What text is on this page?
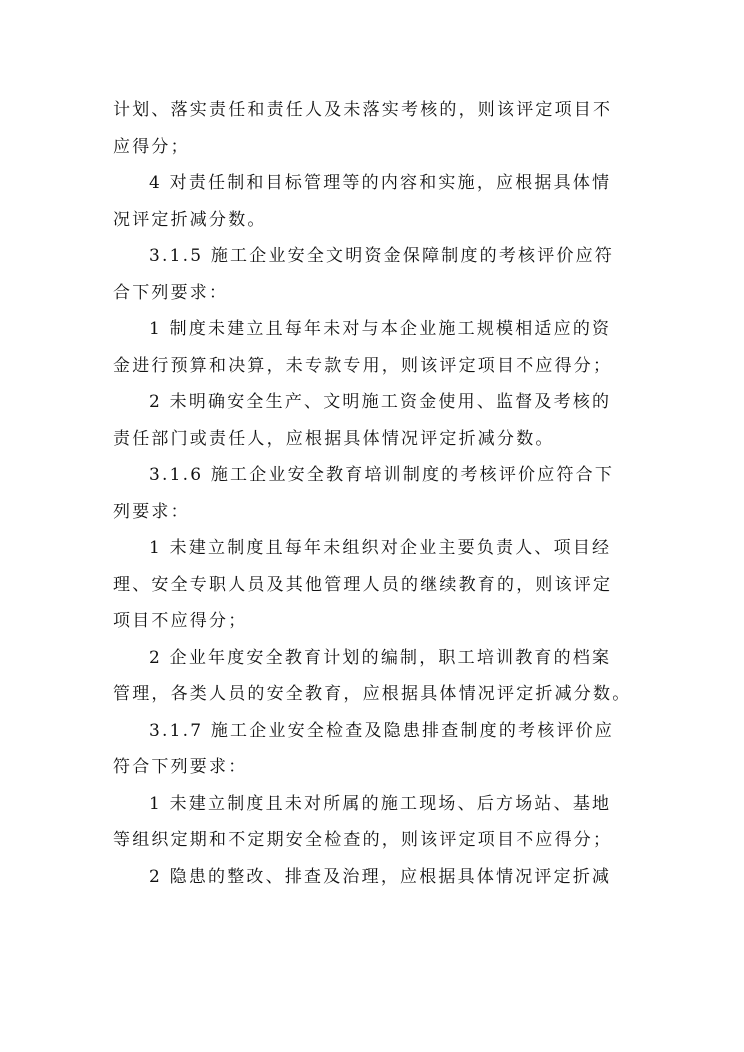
计划、落实责任和责任人及未落实考核的，则该评定项目不
应得分；
4 对责任制和目标管理等的内容和实施，应根据具体情
况评定折减分数。
3.1.5 施工企业安全文明资金保障制度的考核评价应符
合下列要求：
1 制度未建立且每年未对与本企业施工规模相适应的资
金进行预算和决算，未专款专用，则该评定项目不应得分；
2 未明确安全生产、文明施工资金使用、监督及考核的
责任部门或责任人，应根据具体情况评定折减分数。
3.1.6 施工企业安全教育培训制度的考核评价应符合下
列要求：
1 未建立制度且每年未组织对企业主要负责人、项目经
理、安全专职人员及其他管理人员的继续教育的，则该评定
项目不应得分；
2 企业年度安全教育计划的编制，职工培训教育的档案
管理，各类人员的安全教育，应根据具体情况评定折减分数。
3.1.7 施工企业安全检查及隐患排查制度的考核评价应
符合下列要求：
1 未建立制度且未对所属的施工现场、后方场站、基地
等组织定期和不定期安全检查的，则该评定项目不应得分；
2 隐患的整改、排查及治理，应根据具体情况评定折减
